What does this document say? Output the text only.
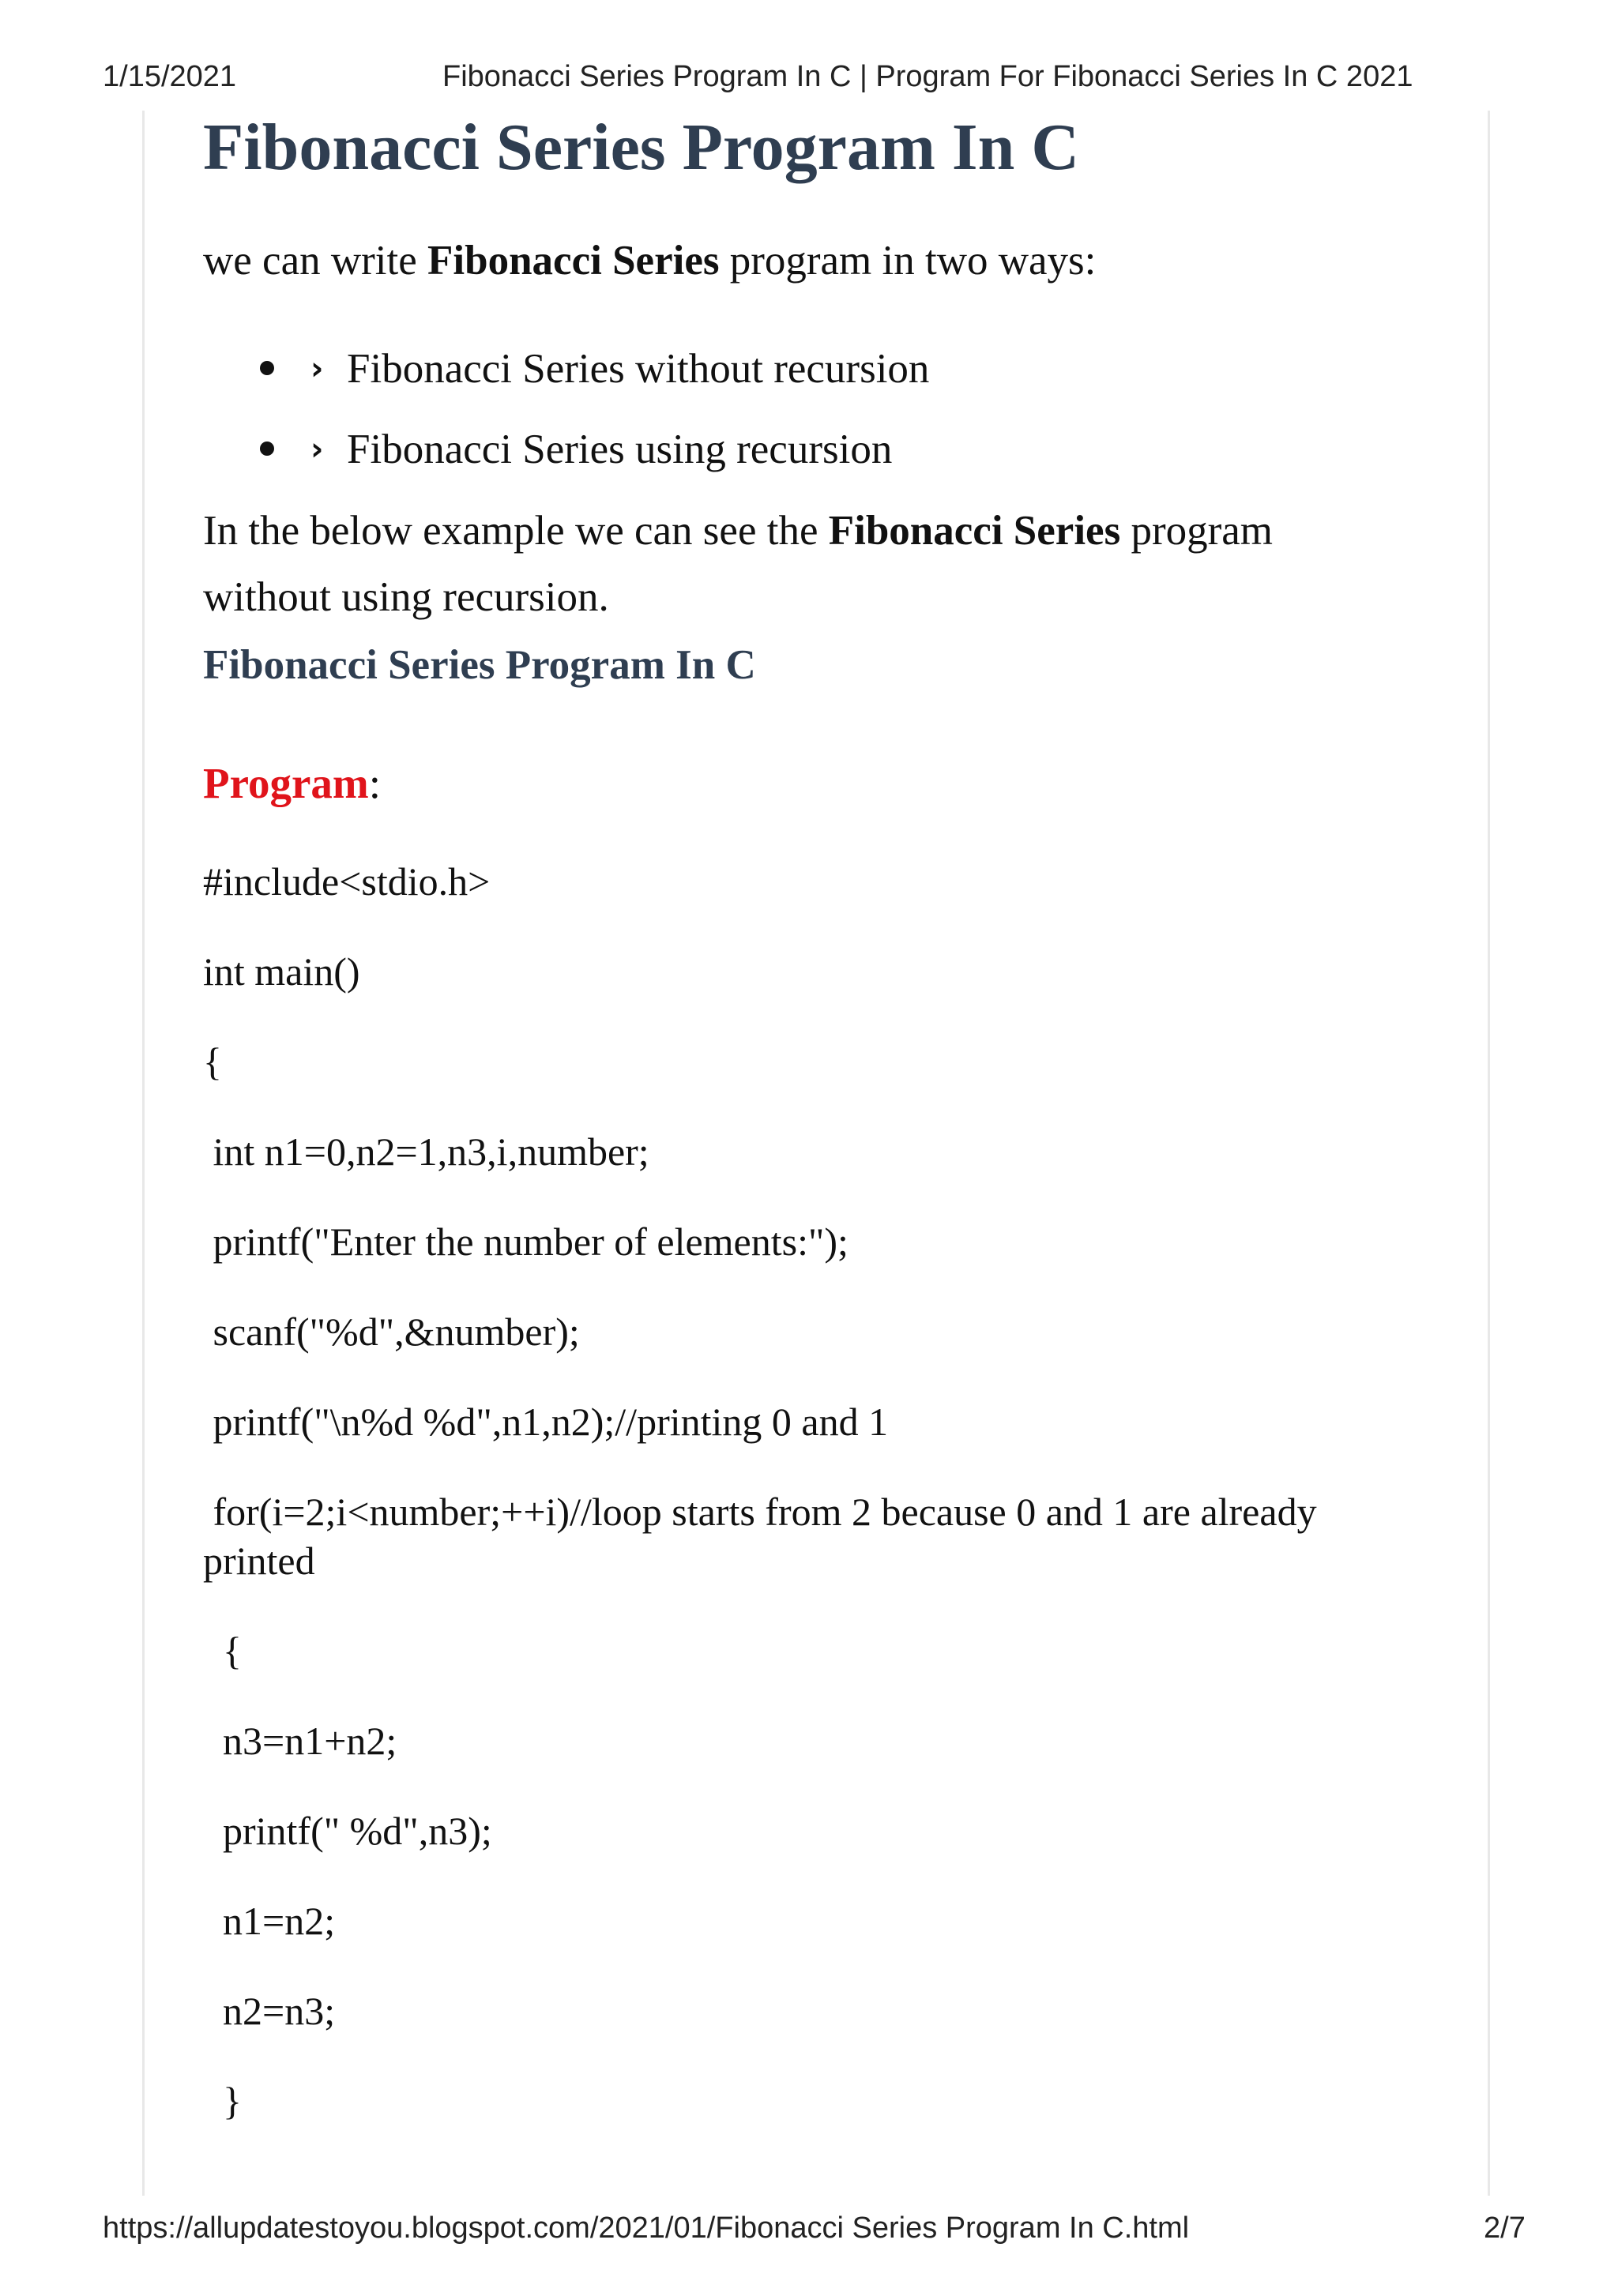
1/15/2021	Fibonacci Series Program In C | Program For Fibonacci Series In C 2021
Fibonacci Series Program In C

we can write Fibonacci Series program in two ways:

› Fibonacci Series without recursion
› Fibonacci Series using recursion

In the below example we can see the Fibonacci Series program

without using recursion.

Fibonacci Series Program In C

Program:

#include<stdio.h>

int main()

{

int n1=0,n2=1,n3,i,number;

printf("Enter the number of elements:");

scanf("%d",&number);

printf("\n%d %d",n1,n2);//printing 0 and 1

for(i=2;i<number;++i)//loop starts from 2 because 0 and 1 are already

printed

{

n3=n1+n2;

printf(" %d",n3);

n1=n2;

n2=n3;

}

https://allupdatestoyou.blogspot.com/2021/01/Fibonacci Series Program In C.html	2/7
